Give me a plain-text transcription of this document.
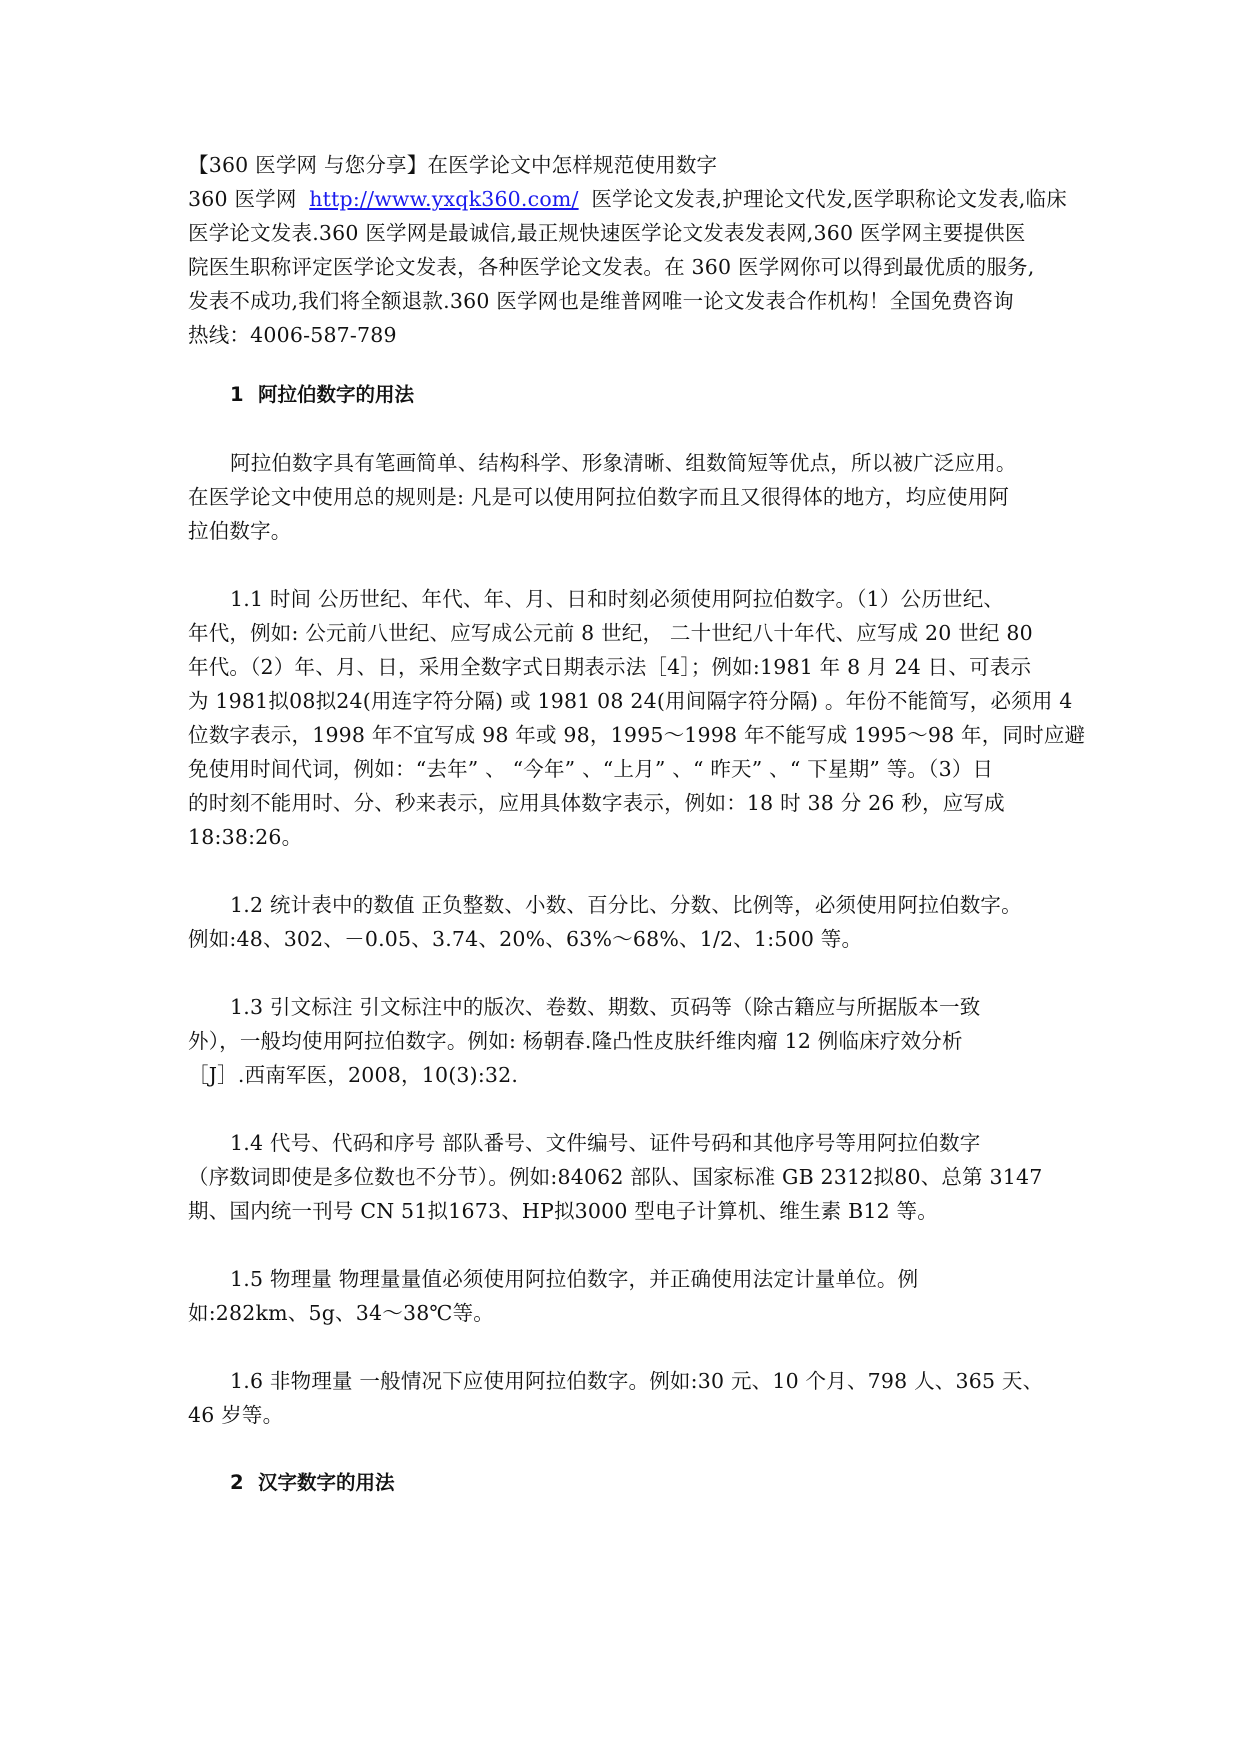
【360 医学网 与您分享】在医学论文中怎样规范使用数字

360 医学网 http://www.yxqk360.com/ 医学论文发表,护理论文代发,医学职称论文发表,临床

医学论文发表.360 医学网是最诚信,最正规快速医学论文发表发表网,360 医学网主要提供医

院医生职称评定医学论文发表，各种医学论文发表。在 360 医学网你可以得到最优质的服务,

发表不成功,我们将全额退款.360 医学网也是维普网唯一论文发表合作机构！全国免费咨询

热线：4006-587-789

1 阿拉伯数字的用法

阿拉伯数字具有笔画简单、结构科学、形象清晰、组数简短等优点，所以被广泛应用。

在医学论文中使用总的规则是: 凡是可以使用阿拉伯数字而且又很得体的地方，均应使用阿

拉伯数字。

1.1 时间 公历世纪、年代、年、月、日和时刻必须使用阿拉伯数字。（1）公历世纪、

年代，例如: 公元前八世纪、应写成公元前 8 世纪， 二十世纪八十年代、应写成 20 世纪 80

年代。（2）年、月、日，采用全数字式日期表示法［4］；例如:1981 年 8 月 24 日、可表示

为 1981拟08拟24(用连字符分隔) 或 1981 08 24(用间隔字符分隔) 。年份不能简写，必须用 4

位数字表示，1998 年不宜写成 98 年或 98，1995～1998 年不能写成 1995～98 年，同时应避

免使用时间代词，例如：“去年” 、 “今年” 、“上月” 、“ 昨天” 、“ 下星期” 等。（3）日

的时刻不能用时、分、秒来表示，应用具体数字表示，例如：18 时 38 分 26 秒，应写成

18:38:26。

1.2 统计表中的数值 正负整数、小数、百分比、分数、比例等，必须使用阿拉伯数字。

例如:48、302、－0.05、3.74、20%、63%～68%、1/2、1:500 等。

1.3 引文标注 引文标注中的版次、卷数、期数、页码等（除古籍应与所据版本一致

外），一般均使用阿拉伯数字。例如: 杨朝春.隆凸性皮肤纤维肉瘤 12 例临床疗效分析

［J］.西南军医，2008，10(3):32.

1.4 代号、代码和序号 部队番号、文件编号、证件号码和其他序号等用阿拉伯数字

（序数词即使是多位数也不分节）。例如:84062 部队、国家标准 GB 2312拟80、总第 3147

期、国内统一刊号 CN 51拟1673、HP拟3000 型电子计算机、维生素 B12 等。

1.5 物理量 物理量量值必须使用阿拉伯数字，并正确使用法定计量单位。例

如:282km、5g、34～38℃等。

1.6 非物理量 一般情况下应使用阿拉伯数字。例如:30 元、10 个月、798 人、365 天、

46 岁等。

2 汉字数字的用法
